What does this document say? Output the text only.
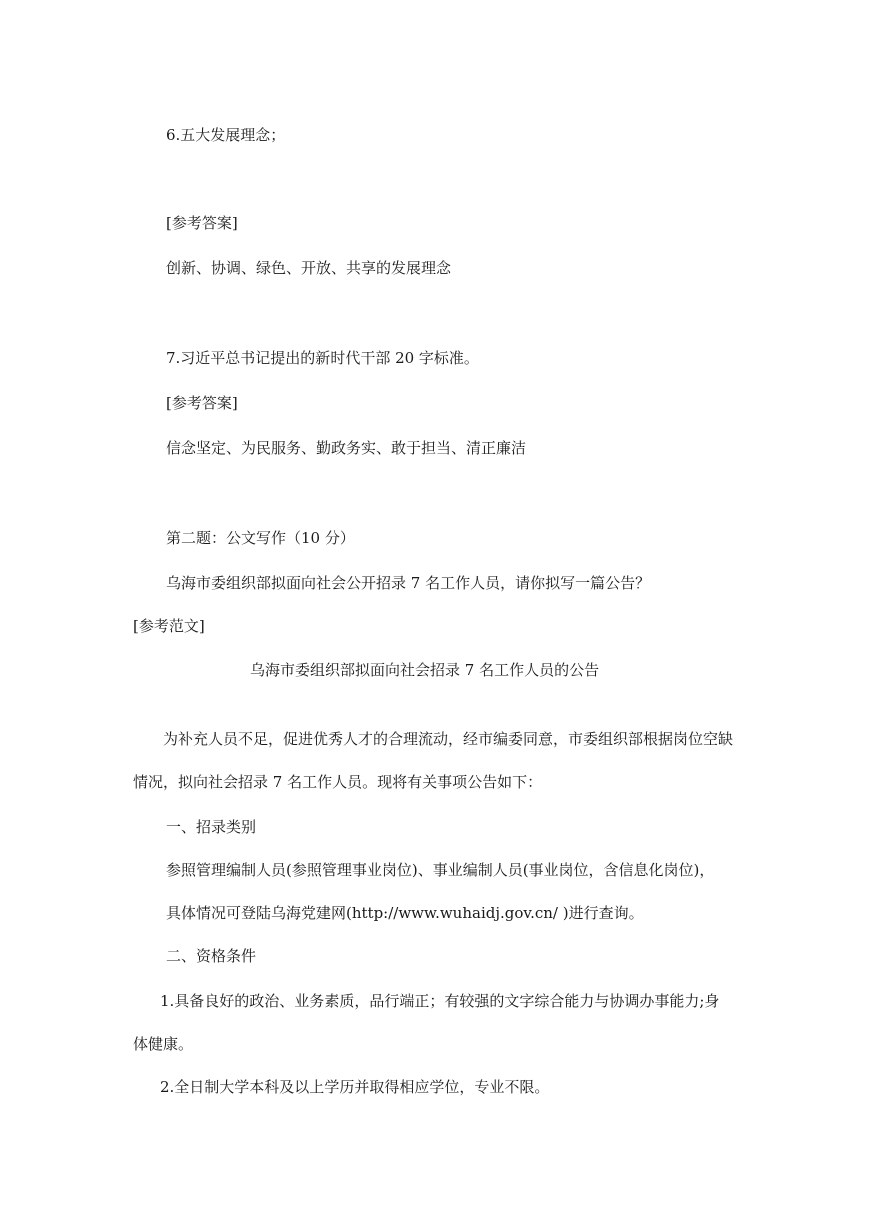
6.五大发展理念；
[参考答案]
创新、协调、绿色、开放、共享的发展理念
7.习近平总书记提出的新时代干部 20 字标准。
[参考答案]
信念坚定、为民服务、勤政务实、敢于担当、清正廉洁
第二题：公文写作（10 分）
乌海市委组织部拟面向社会公开招录 7 名工作人员，请你拟写一篇公告？
[参考范文]
乌海市委组织部拟面向社会招录 7 名工作人员的公告
为补充人员不足，促进优秀人才的合理流动，经市编委同意，市委组织部根据岗位空缺
情况，拟向社会招录 7 名工作人员。现将有关事项公告如下：
一、招录类别
参照管理编制人员(参照管理事业岗位)、事业编制人员(事业岗位，含信息化岗位)，
具体情况可登陆乌海党建网(http://www.wuhaidj.gov.cn/ )进行查询。
二、资格条件
1.具备良好的政治、业务素质，品行端正；有较强的文字综合能力与协调办事能力;身
体健康。
2.全日制大学本科及以上学历并取得相应学位，专业不限。
